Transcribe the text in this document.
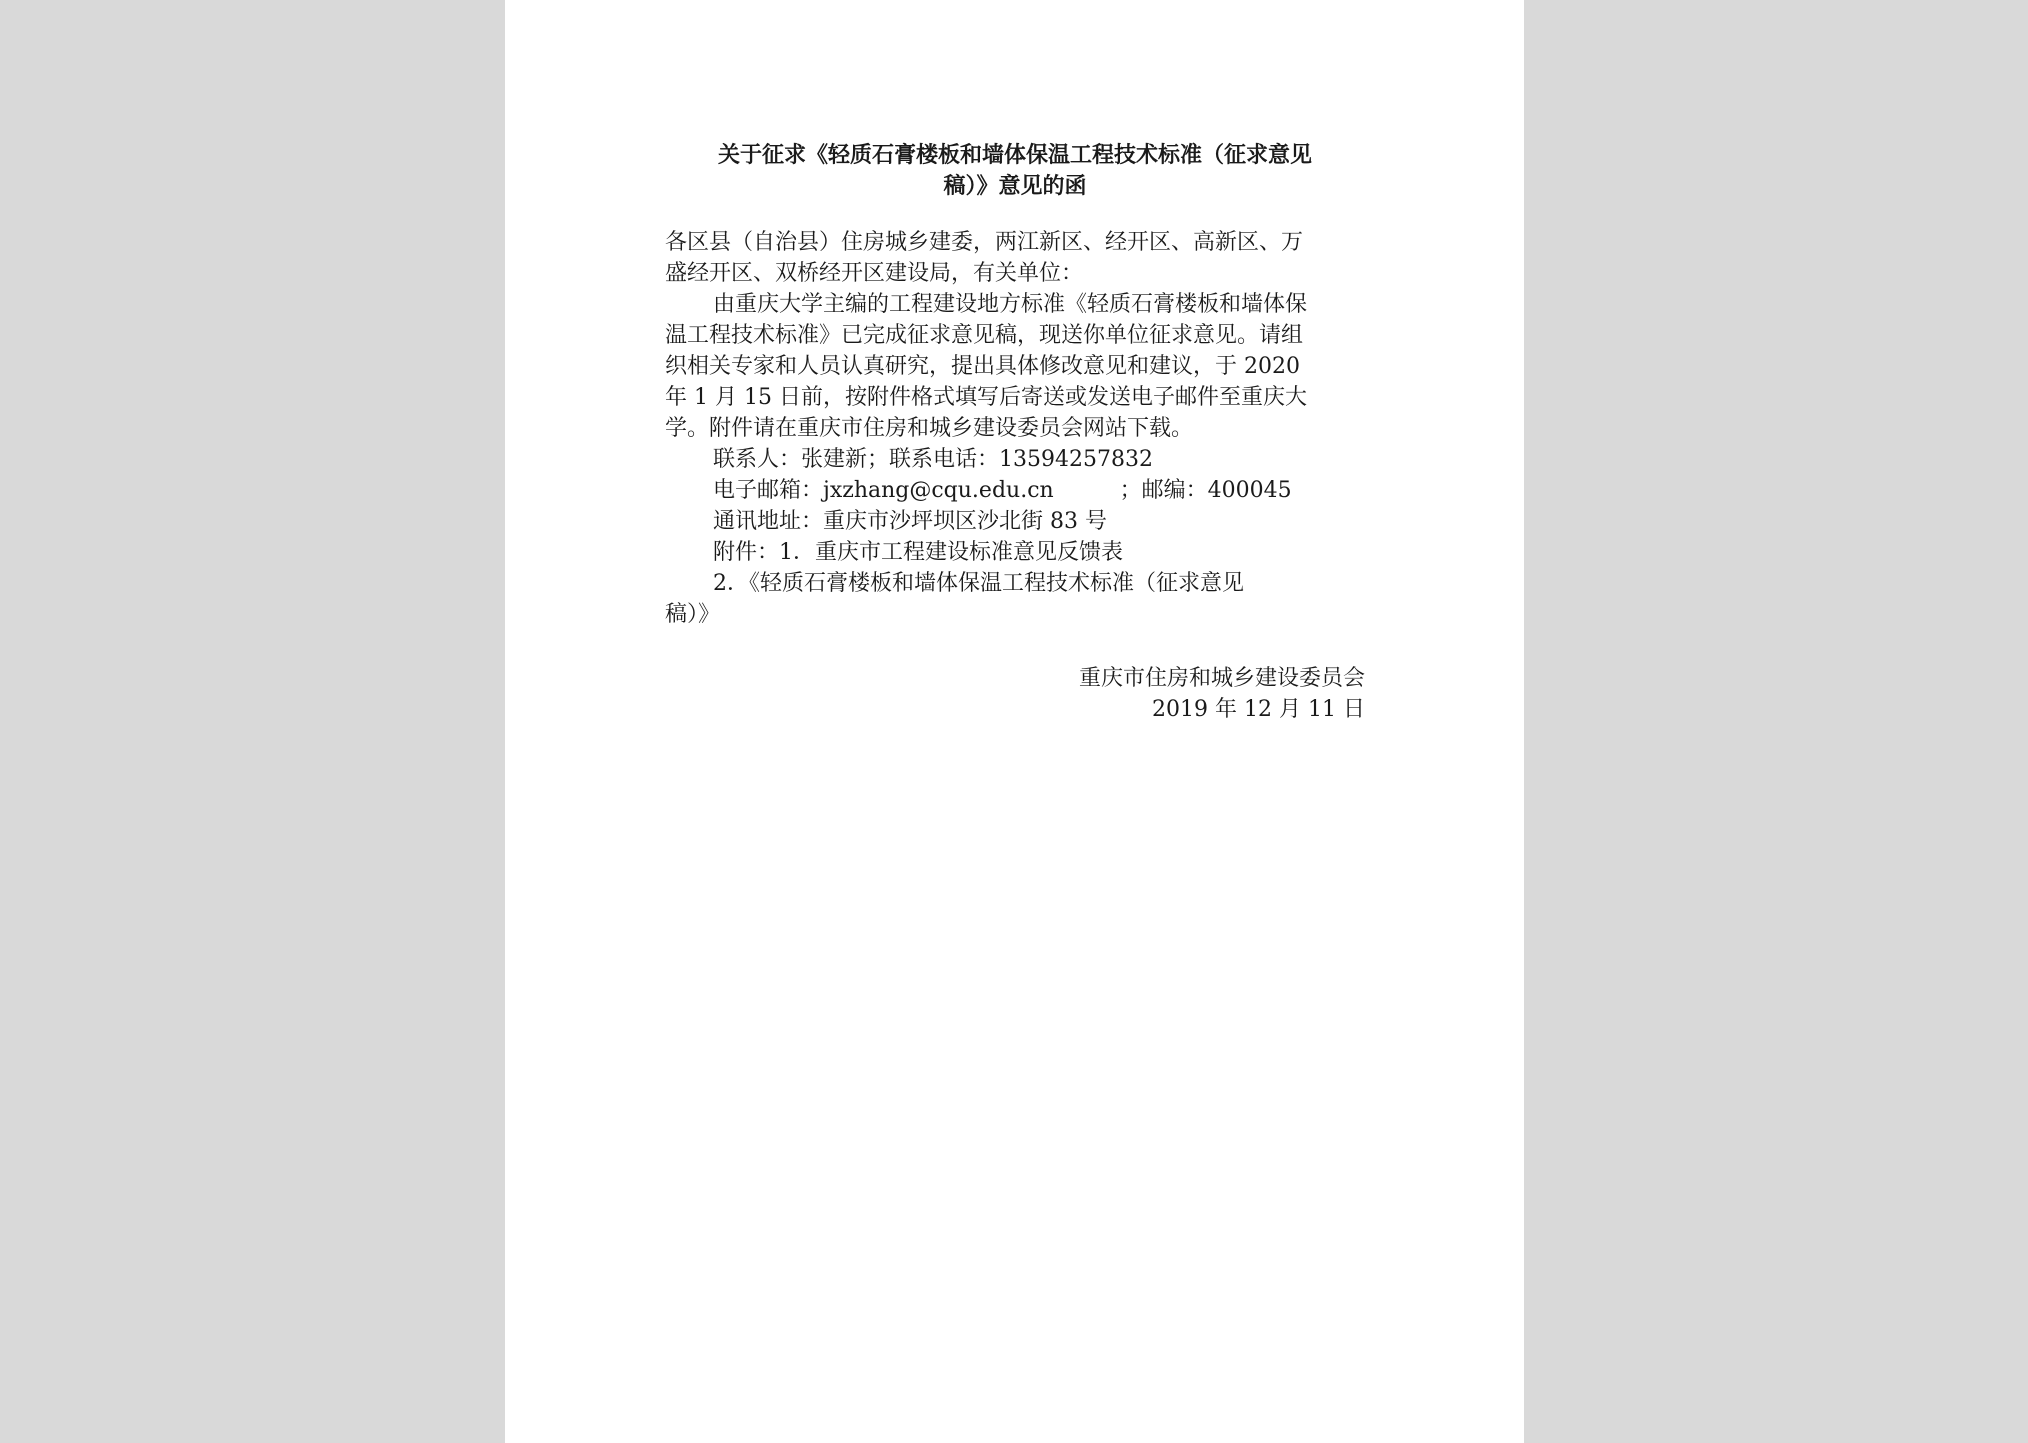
关于征求《轻质石膏楼板和墙体保温工程技术标准（征求意见
稿）》意见的函

各区县（自治县）住房城乡建委，两江新区、经开区、高新区、万
盛经开区、双桥经开区建设局，有关单位：

由重庆大学主编的工程建设地方标准《轻质石膏楼板和墙体保
温工程技术标准》已完成征求意见稿，现送你单位征求意见。请组
织相关专家和人员认真研究，提出具体修改意见和建议，于 2020
年 1 月 15 日前，按附件格式填写后寄送或发送电子邮件至重庆大
学。附件请在重庆市住房和城乡建设委员会网站下载。

联系人：张建新；联系电话：13594257832
电子邮箱：jxzhang@cqu.edu.cn　　　；邮编：400045
通讯地址：重庆市沙坪坝区沙北街 83 号

附件：1．重庆市工程建设标准意见反馈表
2．《轻质石膏楼板和墙体保温工程技术标准（征求意见
稿）》

重庆市住房和城乡建设委员会
2019 年 12 月 11 日
